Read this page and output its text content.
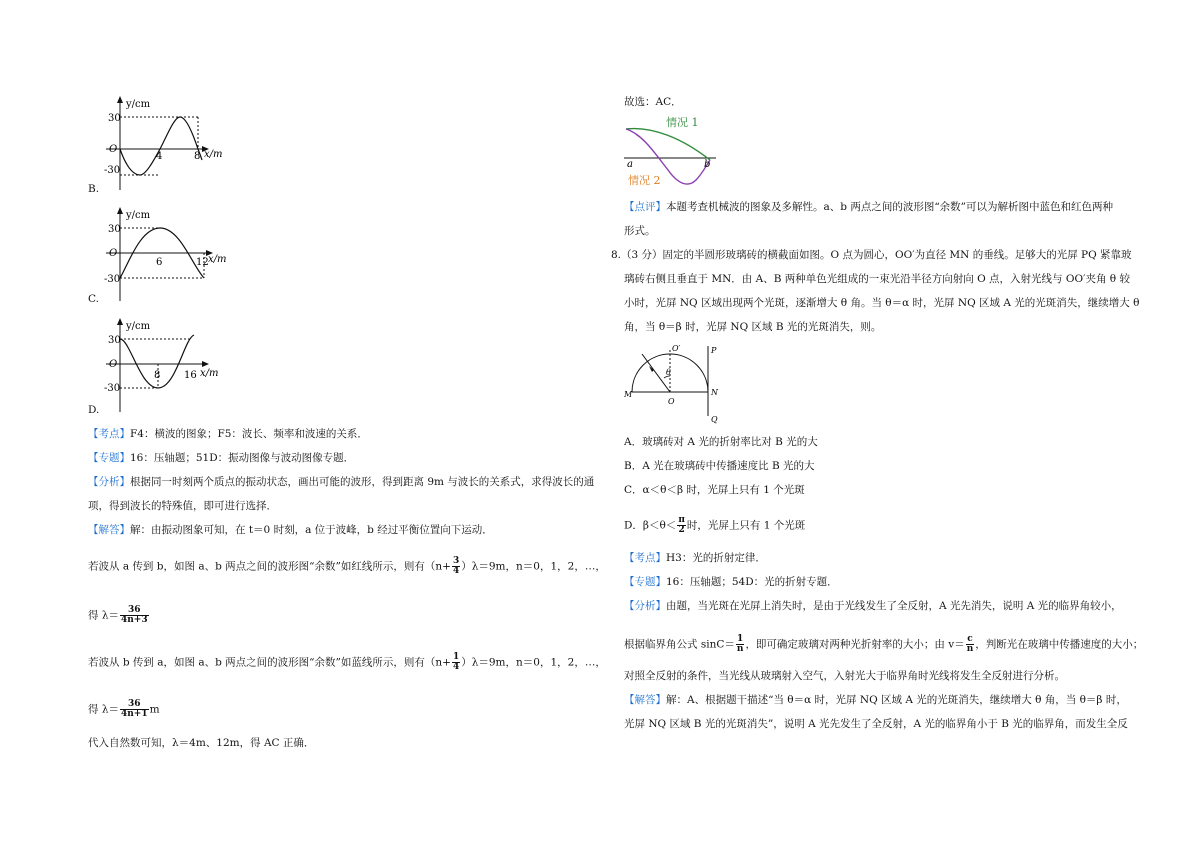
y/cm
30
O
-30
4	8 x/m
B.
y/cm
30
O
-30
6	12 x/m
C.
y/cm
30
O
-30
8 16 x/m
D.
【考点】F4：横波的图象；F5：波长、频率和波速的关系．
【专题】16：压轴题；51D：振动图像与波动图像专题．
【分析】根据同一时刻两个质点的振动状态，画出可能的波形，得到距离 9m 与波长的关系式，求得波长的通
项，得到波长的特殊值，即可进行选择．
【解答】解：由振动图象可知，在 t＝0 时刻，a 位于波峰，b 经过平衡位置向下运动．
若波从 a 传到 b，如图 a、b 两点之间的波形图“余数”如红线所示，则有$(n+ \frac{3}{4} )\lambda=9m$，n＝0，1，2，…，
得 $\lambda= \frac{36}{4n+3}$
若波从 b 传到 a，如图 a、b 两点之间的波形图“余数”如蓝线所示，则有$(n+ \frac{1}{4} )\lambda=9m$，n＝0，1，2，…，
得 $\lambda= \frac{36}{4n+1}$ m
代入自然数可知，λ＝4m、12m，得 AC 正确．
故选：AC．
情况 1
情况 2
a	b
【点评】本题考查机械波的图象及多解性。a、b 两点之间的波形图“余数”可以为解析图中蓝色和红色两种
形式。
8.（3 分）固定的半圆形玻璃砖的横截面如图。O 点为圆心，OO′为直径 MN 的垂线。足够大的光屏 PQ 紧靠玻
璃砖右侧且垂直于 MN．由 A、B 两种单色光组成的一束光沿半径方向射向 O 点，入射光线与 OO′夹角 θ 较
小时，光屏 NQ 区域出现两个光斑，逐渐增大 θ 角。当 θ＝α 时，光屏 NQ 区域 A 光的光斑消失，继续增大 θ
角，当 θ＝β 时，光屏 NQ 区域 B 光的光斑消失，则。
O′
θ
M
O
N
P
Q
A．玻璃砖对 A 光的折射率比对 B 光的大
B．A 光在玻璃砖中传播速度比 B 光的大
C．α＜θ＜β 时，光屏上只有 1 个光斑
D．$\beta<\theta< \frac{\pi}{2}$ 时，光屏上只有 1 个光斑
【考点】H3：光的折射定律．
【专题】16：压轴题；54D：光的折射专题．
【分析】由题，当光斑在光屏上消失时，是由于光线发生了全反射，A 光先消失，说明 A 光的临界角较小，
根据临界角公式 $\sin C= \frac{1}{n}$ ，即可确定玻璃对两种光折射率的大小；由 $v= \frac{c}{n}$ ，判断光在玻璃中传播速度的大小；
对照全反射的条件，当光线从玻璃射入空气，入射光大于临界角时光线将发生全反射进行分析。
【解答】解：A、根据题干描述“当 θ＝α 时，光屏 NQ 区域 A 光的光斑消失，继续增大 θ 角，当 θ＝β 时，
光屏 NQ 区域 B 光的光斑消失”，说明 A 光先发生了全反射，A 光的临界角小于 B 光的临界角，而发生全反
